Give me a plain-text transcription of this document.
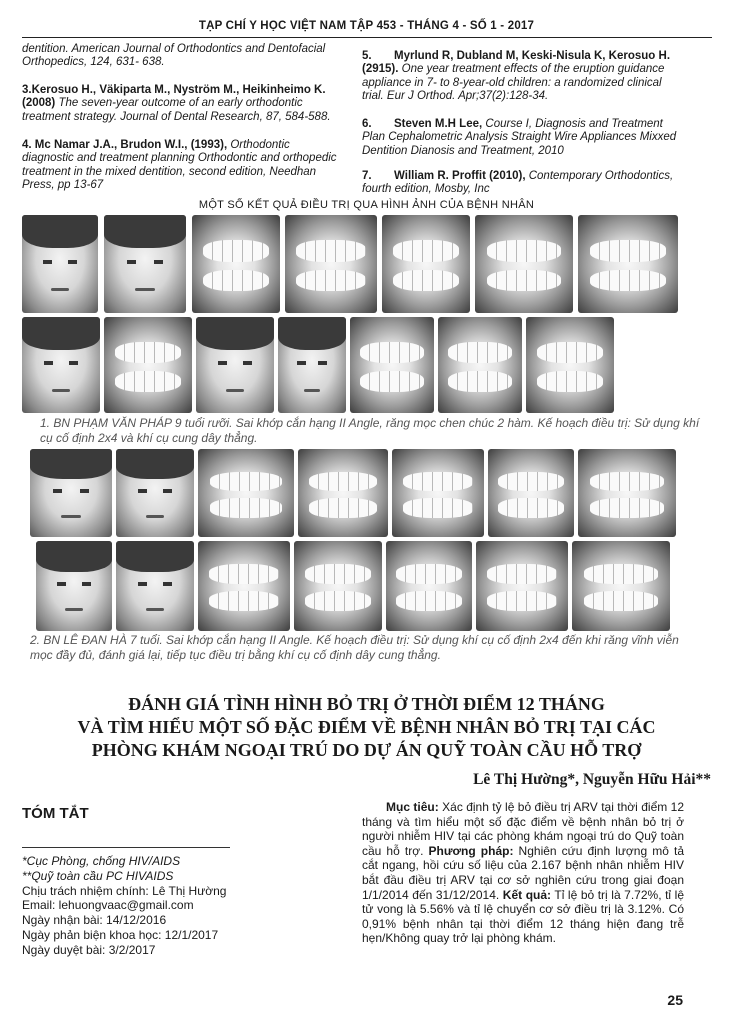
TẠP CHÍ Y HỌC VIỆT NAM TẬP 453 - THÁNG 4 - SỐ 1 - 2017
dentition. American Journal of Orthodontics and Dentofacial Orthopedics, 124, 631- 638.
3.Kerosuo H., Väkiparta M., Nyström M., Heikinheimo K. (2008) The seven-year outcome of an early orthodontic treatment strategy. Journal of Dental Research, 87, 584-588.
4. Mc Namar J.A., Brudon W.I., (1993), Orthodontic diagnostic and treatment planning Orthodontic and orthopedic treatment in the mixed dentition, second edition, Needhan Press, pp 13-67
5. Myrlund R, Dubland M, Keski-Nisula K, Kerosuo H. (2915). One year treatment effects of the eruption guidance appliance in 7- to 8-year-old children: a randomized clinical trial. Eur J Orthod. Apr;37(2):128-34.
6. Steven M.H Lee, Course I, Diagnosis and Treatment Plan Cephalometric Analysis Straight Wire Appliances Mixxed Dentition Dianosis and Treatment, 2010
7. William R. Proffit (2010), Contemporary Orthodontics, fourth edition, Mosby, Inc
MỘT SỐ KẾT QUẢ ĐIỀU TRỊ QUA HÌNH ẢNH CỦA BỆNH NHÂN
1. BN PHẠM VĂN PHÁP 9 tuổi rưỡi. Sai khớp cắn hạng II Angle, răng mọc chen chúc 2 hàm. Kế hoạch điều trị: Sử dụng khí cụ cố định 2x4 và khí cụ cung dây thẳng.
2. BN LÊ ĐAN HÀ 7 tuổi. Sai khớp cắn hạng II Angle. Kế hoạch điều trị: Sử dụng khí cụ cố định 2x4 đến khi răng vĩnh viễn mọc đầy đủ, đánh giá lại, tiếp tục điều trị bằng khí cụ cố định dây cung thẳng.
ĐÁNH GIÁ TÌNH HÌNH BỎ TRỊ Ở THỜI ĐIỂM 12 THÁNG
VÀ TÌM HIỂU MỘT SỐ ĐẶC ĐIỂM VỀ BỆNH NHÂN BỎ TRỊ TẠI CÁC
PHÒNG KHÁM NGOẠI TRÚ DO DỰ ÁN QUỸ TOÀN CẦU HỖ TRỢ
Lê Thị Hường*, Nguyễn Hữu Hải**
TÓM TẮT
*Cục Phòng, chống HIV/AIDS
**Quỹ toàn cầu PC HIVAIDS
Chịu trách nhiệm chính: Lê Thị Hường
Email: lehuongvaac@gmail.com
Ngày nhận bài: 14/12/2016
Ngày phản biện khoa học: 12/1/2017
Ngày duyệt bài: 3/2/2017
Mục tiêu: Xác định tỷ lệ bỏ điều trị ARV tại thời điểm 12 tháng và tìm hiểu một số đặc điểm về bệnh nhân bỏ trị ở người nhiễm HIV tại các phòng khám ngoại trú do Quỹ toàn cầu hỗ trợ. Phương pháp: Nghiên cứu định lượng mô tả cắt ngang, hồi cứu số liệu của 2.167 bệnh nhân nhiễm HIV bắt đầu điều trị ARV tại cơ sở nghiên cứu trong giai đoạn 1/1/2014 đến 31/12/2014. Kết quả: Tỉ lệ bỏ trị là 7.72%, tỉ lệ tử vong là 5.56% và tỉ lệ chuyển cơ sở điều trị là 3.12%. Có 0,91% bệnh nhân tại thời điểm 12 tháng hiện đang trễ hẹn/Không quay trở lại phòng khám.
25
